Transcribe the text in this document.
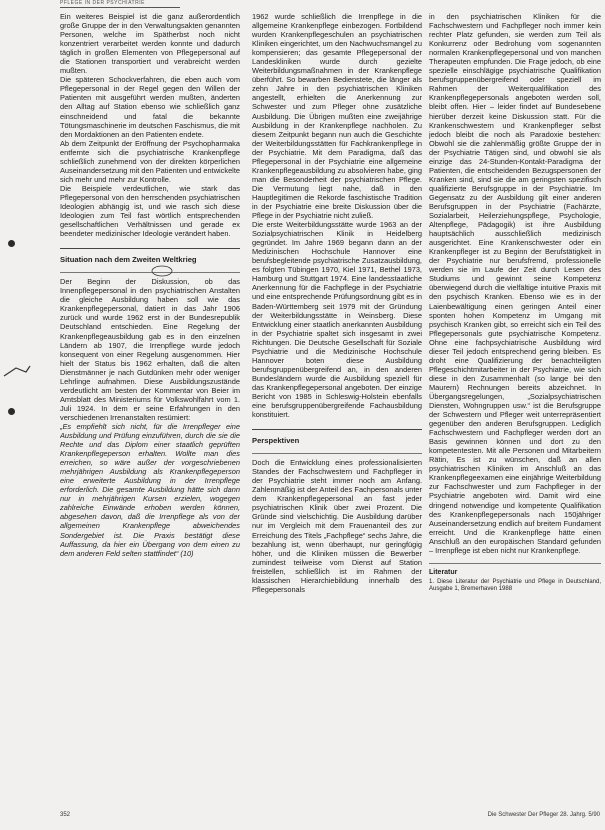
PFLEGE IN DER PSYCHIATRIE

Ein weiteres Beispiel ist die ganz außerordentlich große Gruppe der in den Verwaltungsakten genannten Personen, welche im Spätherbst noch nicht konzentriert verarbeitet werden konnte und dadurch täglich in großen Elementen von Pflegepersonal auf die Stationen transportiert und verabreicht werden mußten.

Die späteren Schockverfahren, die eben auch vom Pflegepersonal in der Regel gegen den Willen der Patienten mit ausgeführt werden mußten, änderten den Alltag auf Station ebenso wie schließlich ganz einschneidend und fatal die bekannte Tötungsmaschinerie im deutschen Faschismus, die mit den Mordaktionen an den Patienten endete.

Ab dem Zeitpunkt der Eröffnung der Psychopharmaka entfernte sich die psychiatrische Krankenpflege schließlich zunehmend von der direkten körperlichen Auseinandersetzung mit den Patienten und entwickelte sich mehr und mehr zur Kontrolle.

Die Beispiele verdeutlichen, wie stark das Pflegepersonal von den herrschenden psychiatrischen Ideologien abhängig ist, und wie rasch sich diese Ideologien zum Teil fast wörtlich entsprechenden gesellschaftlichen Verhältnissen und gerade ex beendeter medizinischer Ideologie verändert haben.

Situation nach dem Zweiten Weltkrieg

Der Beginn der Diskussion, ob das Innenpflegepersonal in den psychiatrischen Anstalten die gleiche Ausbildung haben soll wie das Krankenpflegepersonal, datiert in das Jahr 1906 zurück und wurde 1962 erst in der Bundesrepublik Deutschland entschieden. Eine Regelung der Krankenpflegeausbildung gab es in den einzelnen Ländern ab 1907, die Irrenpflege wurde jedoch konsequent von einer Regelung ausgenommen. Hier hielt der Status bis 1962 erhalten, daß die alten Dienstmänner je nach Gutdünken mehr oder weniger Lehrlinge aufnahmen. Diese Ausbildungszustände verdeutlicht am besten der Kommentar von Beier im Amtsblatt des Ministeriums für Volkswohlfahrt vom 1. Juli 1924. In dem er seine Erfahrungen in den verschiedenen Irrenanstalten resümiert:

„Es empfiehlt sich nicht, für die Irrenpfleger eine Ausbildung und Prüfung einzuführen, durch die sie die Rechte und das Diplom einer staatlich geprüften Krankenpflegeperson erhalten. Wollte man dies erreichen, so wäre außer der vorgeschriebenen mehrjährigen Ausbildung als Krankenpflegeperson eine erweiterte Ausbildung in der Irrenpflege erforderlich. Die gesamte Ausbildung hätte sich dann nur in mehrjährigen Kursen erzielen, wogegen zahlreiche Einwände erhoben werden können, abgesehen davon, daß die Irrenpflege als von der allgemeinen Krankenpflege abweichendes Sondergebiet ist. Die Praxis bestätigt diese Auffassung, da hier ein Übergang von dem einen zu dem anderen Feld selten stattfindet“ (10)

1962 wurde schließlich die Irrenpflege in die allgemeine Krankenpflege einbezogen. Fortbildend wurden Krankenpflegeschulen an psychiatrischen Kliniken eingerichtet, um den Nachwuchsmangel zu kompensieren; das gesamte Pflegepersonal der Landeskliniken wurde durch gezielte Weiterbildungsmaßnahmen in der Krankenpflege überführt. So bewarben Bedienstete, die länger als zehn Jahre in den psychiatrischen Kliniken angestellt, erhielten die Anerkennung zur Schwester und zum Pfleger ohne zusätzliche Ausbildung. Die Übrigen mußten eine zweijährige Ausbildung in der Krankenpflege nachholen. Zu diesem Zeitpunkt begann nun auch die Geschichte der Weiterbildungsstätten für Fachkrankenpflege in der Psychiatrie. Mit dem Paradigma, daß das Pflegepersonal in der Psychiatrie eine allgemeine Krankenpflegeausbildung zu absolvieren habe, ging man die Besonderheit der psychiatrischen Pflege. Die Vermutung liegt nahe, daß in den Hauptlegitimen die Rekorde faschistische Tradition in der Psychiatrie eine breite Diskussion über die Pflege in der Psychiatrie nicht zuließ.

Die erste Weiterbildungsstätte wurde 1963 an der Sozialpsychiatrischen Klinik in Heidelberg gegründet. Im Jahre 1969 begann dann an der Medizinischen Hochschule Hannover eine berufsbegleitende psychiatrische Zusatzausbildung, es folgten Tübingen 1970, Kiel 1971, Bethel 1973, Hamburg und Stuttgart 1974. Eine landesstaatliche Anerkennung für die Fachpflege in der Psychiatrie und eine entsprechende Prüfungsordnung gibt es in Baden-Württemberg seit 1979 mit der Gründung der Weiterbildungsstätte in Weinsberg. Diese Entwicklung einer staatlich anerkannten Ausbildung in der Psychiatrie spaltet sich insgesamt in zwei Richtungen. Die Deutsche Gesellschaft für Soziale Psychiatrie und die Medizinische Hochschule Hannover boten diese Ausbildung berufsgruppenübergreifend an, in den anderen Bundesländern wurde die Ausbildung speziell für das Krankenpflegepersonal angeboten. Der einzige Bericht von 1985 in Schleswig-Holstein ebenfalls eine berufsgruppenübergreifende Fachausbildung konstituiert.

Perspektiven

Doch die Entwicklung eines professionalisierten Standes der Fachschwestern und Fachpfleger in der Psychiatrie steht immer noch am Anfang. Zahlenmäßig ist der Anteil des Fachpersonals unter dem Krankenpflegepersonal an fast jeder psychiatrischen Klinik über zwei Prozent. Die Gründe sind vielschichtig. Die Ausbildung darüber nur im Vergleich mit dem Frauenanteil des zur Erreichung des Titels „Fachpflege“ sechs Jahre, die bezahlung ist, wenn überhaupt, nur geringfügig höher, und die Kliniken müssen die Bewerber zumindest teilweise vom Dienst auf Station freistellen, schließlich ist im Rahmen der klassischen Hierarchiebildung innerhalb des Pflegepersonals

in den psychiatrischen Kliniken für die Fachschwestern und Fachpfleger noch immer kein rechter Platz gefunden, sie werden zum Teil als Konkurrenz oder Bedrohung vom sogenannten normalen Krankenpflegepersonal und von manchen Therapeuten empfunden. Die Frage jedoch, ob eine spezielle einschlägige psychiatrische Qualifikation berufsgruppenübergreifend oder speziell im Rahmen der Weiterqualifikation des Krankenpflegepersonals angeboten werden soll, bleibt offen. Hier – leider findet auf Bundesebene hierüber derzeit keine Diskussion statt. Für die Krankenschwestern und Krankenpfleger selbst jedoch bleibt die noch als Paradoxie bestehen: Obwohl sie die zahlenmäßig größte Gruppe der in der Psychiatrie Tätigen sind, und obwohl sie als einzige das 24-Stunden-Kontakt-Paradigma der Patienten, die entscheidenden Bezugspersonen der Kranken sind, sind sie die am geringsten spezifisch qualifizierte Berufsgruppe in der Psychiatrie. Im Gegensatz zu der Ausbildung gilt einer anderen Berufsgruppen in der Psychiatrie (Fachärzte, Sozialarbeit, Heilerziehungspflege, Psychologie, Altenpflege, Pädagogik) ist ihre Ausbildung hauptsächlich ausschließlich medizinisch ausgerichtet. Eine Krankenschwester oder ein Krankenpfleger ist zu Beginn der Berufstätigkeit in der Psychiatrie nur berufsfremd, professionelle werden sie im Laufe der Zeit durch Lesen des Studiums und gewinnt seine Kompetenz überwiegend durch die vielfältige intuitive Praxis mit den psychisch Kranken. Ebenso wie es in der Laienbewältigung einen geringen Anteil einer sponten hohen Kompetenz im Umgang mit psychisch Kranken gibt, so erreicht sich ein Teil des Pflegepersonals gute psychiatrische Kompetenz. Ohne eine fachpsychiatrische Ausbildung wird dieser Teil jedoch entsprechend gering bleiben. Es droht eine Qualifizierung der benachteiligten Pflegeschichtmitarbeiter in der Psychiatrie, wie sich diese in den Zusammenhalt (so lange bei den Maurern) Rechnungen bereits abzeichnet. In Übergangsregelungen, „Sozialpsychiatrischen Diensten, Wohngruppen usw.“ ist die Berufsgruppe der Schwestern und Pfleger weit unterrepräsentiert gegenüber den anderen Berufsgruppen. Lediglich Fachschwestern und Fachpfleger werden dort an Basis gewinnen können und dort zu den kompetentesten. Mit alle Personen und Mitarbeitern Rätin, Es ist zu wünschen, daß an allen psychiatrischen Kliniken im Anschluß an das Krankenpflegeexamen eine einjährige Weiterbildung zur Fachschwester und zum Fachpfleger in der Psychiatrie angeboten wird. Damit wird eine dringend notwendige und kompetente Qualifikation des Krankenpflegepersonals nach 150jähriger Auseinandersetzung endlich auf breitem Fundament erreicht. Und die Krankenpflege hätte einen Anschluß an den europäischen Standard gefunden – Irrenpflege ist eben nicht nur Krankenpflege.

Literatur
1. Diese Literatur der Psychiatrie und Pflege in Deutschland, Ausgabe 1, Bremerhaven 1988
352	Die Schwester Der Pfleger 28. Jahrg. 5/90
